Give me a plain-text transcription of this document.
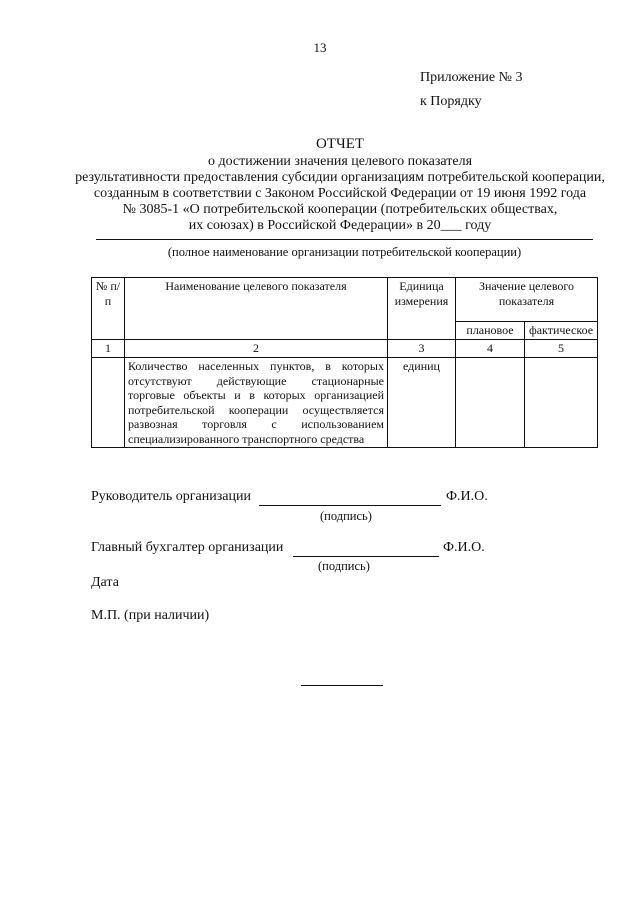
13
Приложение № 3
к Порядку
ОТЧЕТ
о достижении значения целевого показателя
результативности предоставления субсидии организациям потребительской кооперации,
созданным в соответствии с Законом Российской Федерации от 19 июня 1992 года
№ 3085-1 «О потребительской кооперации (потребительских обществах,
их союзах) в Российской Федерации» в 20___ году
(полное наименование организации потребительской кооперации)
№ п/п	Наименование целевого показателя	Единица измерения	Значение целевого показателя	
			плановое	фактическое
1	2	3	4	5
	Количество населенных пунктов, в которых отсутствуют действующие стационарные торговые объекты и в которых организацией потребительской кооперации осуществляется развозная торговля с использованием специализированного транспортного средства	единиц		
Руководитель организации	Ф.И.О.
(подпись)
Главный бухгалтер организации	Ф.И.О.
(подпись)
Дата
М.П. (при наличии)
